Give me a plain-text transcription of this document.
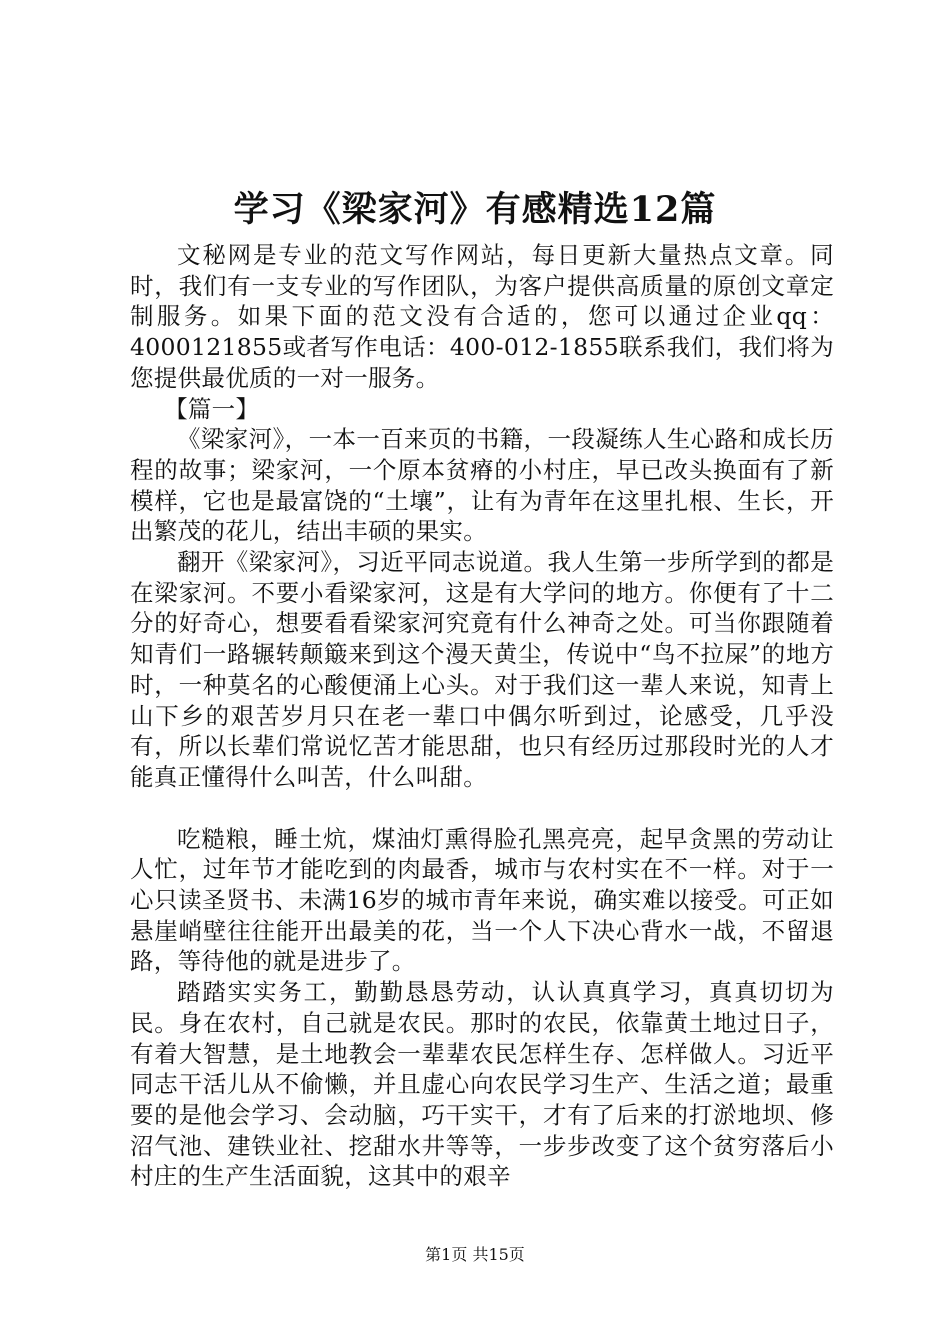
学习《梁家河》有感精选12篇

文秘网是专业的范文写作网站，每日更新大量热点文章。同时，我们有一支专业的写作团队，为客户提供高质量的原创文章定制服务。如果下面的范文没有合适的，您可以通过企业qq：4000121855或者写作电话：400-012-1855联系我们，我们将为您提供最优质的一对一服务。

【篇一】

《梁家河》，一本一百来页的书籍，一段凝练人生心路和成长历程的故事；梁家河，一个原本贫瘠的小村庄，早已改头换面有了新模样，它也是最富饶的“土壤”，让有为青年在这里扎根、生长，开出繁茂的花儿，结出丰硕的果实。

翻开《梁家河》，习近平同志说道。我人生第一步所学到的都是在梁家河。不要小看梁家河，这是有大学问的地方。你便有了十二分的好奇心，想要看看梁家河究竟有什么神奇之处。可当你跟随着知青们一路辗转颠簸来到这个漫天黄尘，传说中“鸟不拉屎”的地方时，一种莫名的心酸便涌上心头。对于我们这一辈人来说，知青上山下乡的艰苦岁月只在老一辈口中偶尔听到过，论感受，几乎没有，所以长辈们常说忆苦才能思甜，也只有经历过那段时光的人才能真正懂得什么叫苦，什么叫甜。

吃糙粮，睡土炕，煤油灯熏得脸孔黑亮亮，起早贪黑的劳动让人忙，过年节才能吃到的肉最香，城市与农村实在不一样。对于一心只读圣贤书、未满16岁的城市青年来说，确实难以接受。可正如悬崖峭壁往往能开出最美的花，当一个人下决心背水一战，不留退路，等待他的就是进步了。

踏踏实实务工，勤勤恳恳劳动，认认真真学习，真真切切为民。身在农村，自己就是农民。那时的农民，依靠黄土地过日子，有着大智慧，是土地教会一辈辈农民怎样生存、怎样做人。习近平同志干活儿从不偷懒，并且虚心向农民学习生产、生活之道；最重要的是他会学习、会动脑，巧干实干，才有了后来的打淤地坝、修沼气池、建铁业社、挖甜水井等等，一步步改变了这个贫穷落后小村庄的生产生活面貌，这其中的艰辛

第1页 共15页
